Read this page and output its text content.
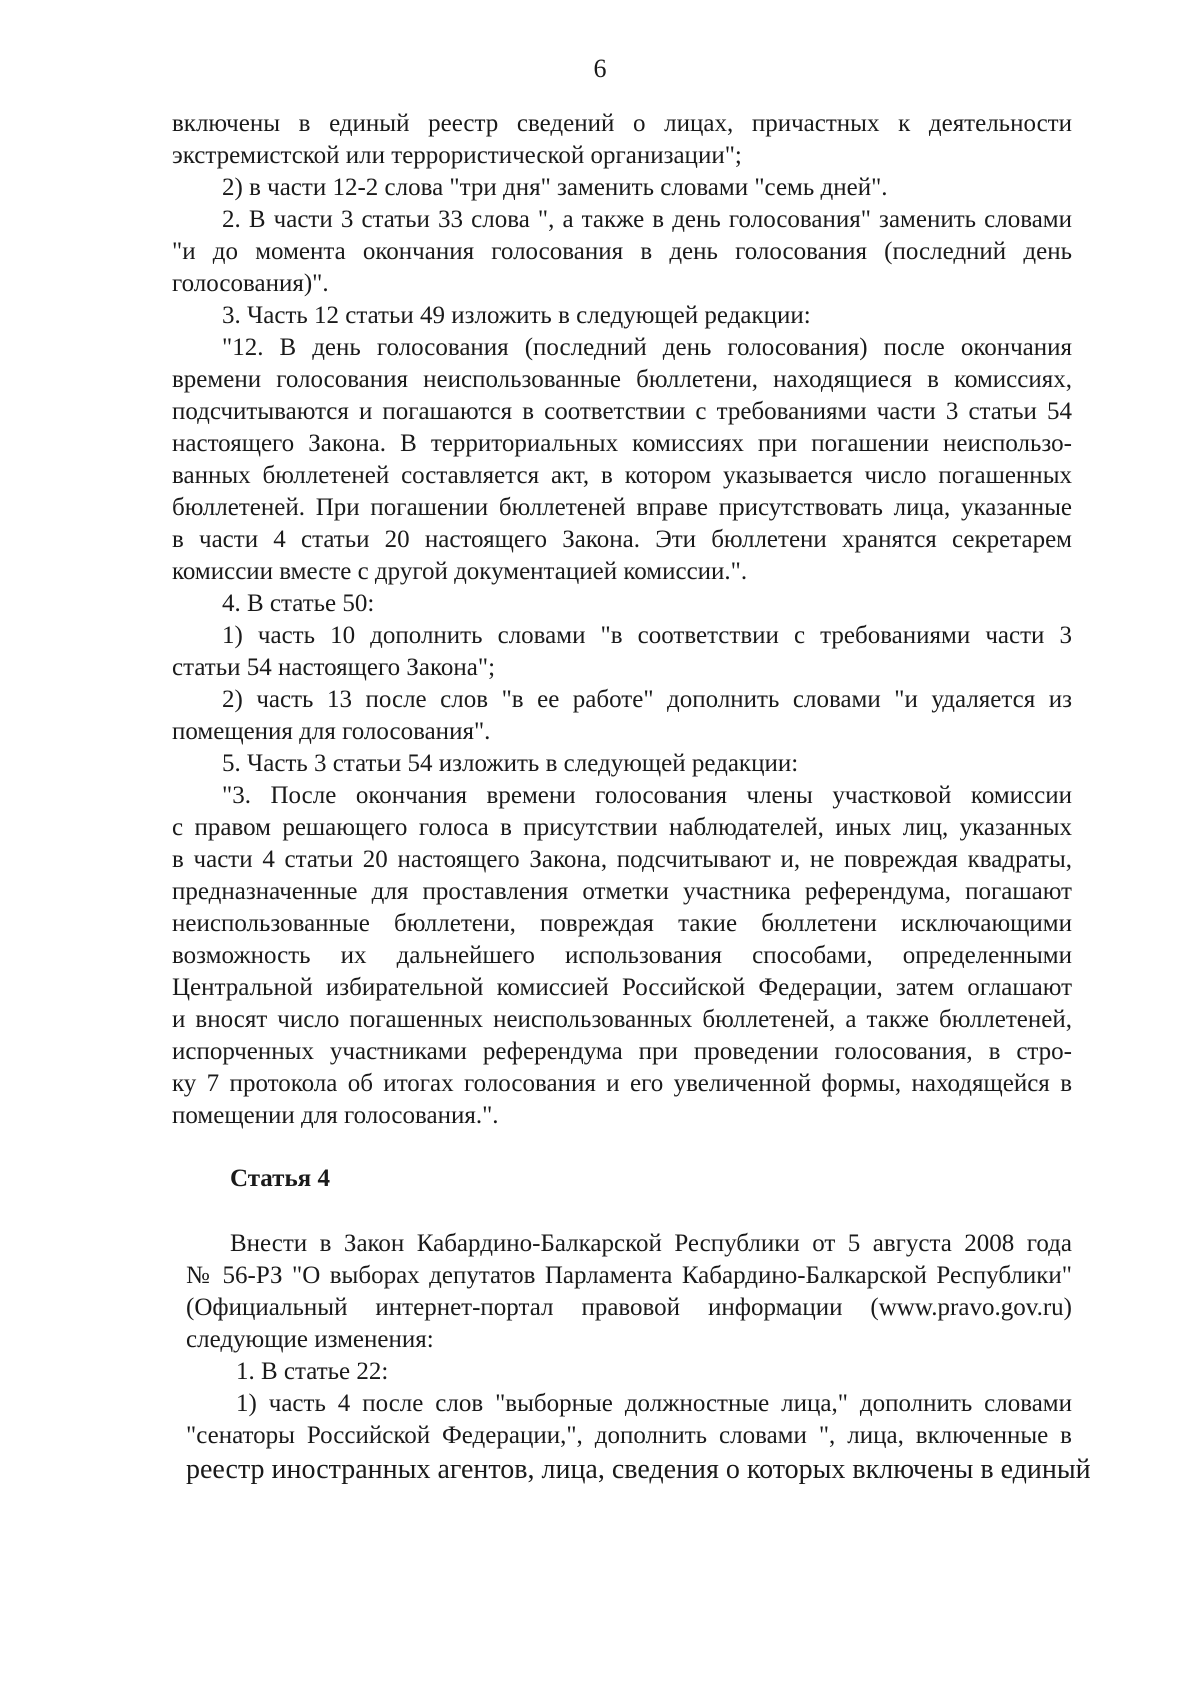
6
включены в единый реестр сведений о лицах, причастных к деятельности
экстремистской или террористической организации";
2) в части 12-2 слова "три дня" заменить словами "семь дней".
2. В части 3 статьи 33 слова ", а также в день голосования" заменить словами
"и до момента окончания голосования в день голосования (последний день
голосования)".
3. Часть 12 статьи 49 изложить в следующей редакции:
"12. В день голосования (последний день голосования) после окончания
времени голосования неиспользованные бюллетени, находящиеся в комиссиях,
подсчитываются и погашаются в соответствии с требованиями части 3 статьи 54
настоящего Закона. В территориальных комиссиях при погашении неиспользо-
ванных бюллетеней составляется акт, в котором указывается число погашенных
бюллетеней. При погашении бюллетеней вправе присутствовать лица, указанные
в части 4 статьи 20 настоящего Закона. Эти бюллетени хранятся секретарем
комиссии вместе с другой документацией комиссии.".
4. В статье 50:
1) часть 10 дополнить словами "в соответствии с требованиями части 3
статьи 54 настоящего Закона";
2) часть 13 после слов "в ее работе" дополнить словами "и удаляется из
помещения для голосования".
5. Часть 3 статьи 54 изложить в следующей редакции:
"3. После окончания времени голосования члены участковой комиссии
с правом решающего голоса в присутствии наблюдателей, иных лиц, указанных
в части 4 статьи 20 настоящего Закона, подсчитывают и, не повреждая квадраты,
предназначенные для проставления отметки участника референдума, погашают
неиспользованные бюллетени, повреждая такие бюллетени исключающими
возможность их дальнейшего использования способами, определенными
Центральной избирательной комиссией Российской Федерации, затем оглашают
и вносят число погашенных неиспользованных бюллетеней, а также бюллетеней,
испорченных участниками референдума при проведении голосования, в стро-
ку 7 протокола об итогах голосования и его увеличенной формы, находящейся в
помещении для голосования.".
Статья 4
Внести в Закон Кабардино-Балкарской Республики от 5 августа 2008 года
№ 56-РЗ "О выборах депутатов Парламента Кабардино-Балкарской Республики"
(Официальный интернет-портал правовой информации (www.pravo.gov.ru)
следующие изменения:
1. В статье 22:
1) часть 4 после слов "выборные должностные лица," дополнить словами
"сенаторы Российской Федерации,", дополнить словами ", лица, включенные в
реестр иностранных агентов, лица, сведения о которых включены в единый
